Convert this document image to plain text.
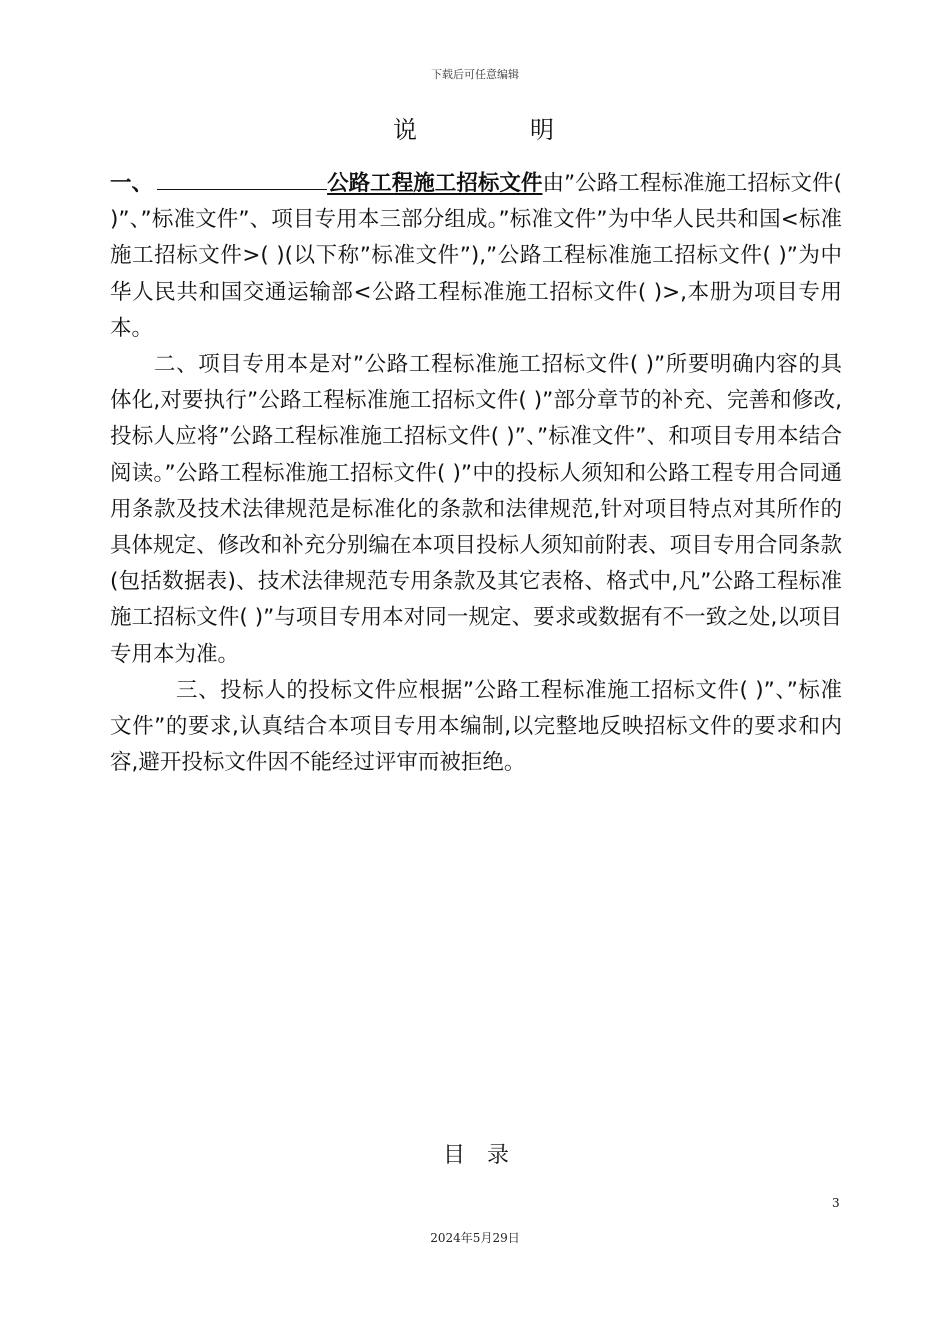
下载后可任意编辑
说	明

一、	公路工程施工招标文件由”公路工程标准施工招标文件( )”、”标准文件”、项目专用本三部分组成。”标准文件”为中华人民共和国<标准施工招标文件>( )(以下称”标准文件”),”公路工程标准施工招标文件( )”为中华人民共和国交通运输部<公路工程标准施工招标文件( )>,本册为项目专用本。

二、项目专用本是对”公路工程标准施工招标文件( )”所要明确内容的具体化,对要执行”公路工程标准施工招标文件( )”部分章节的补充、完善和修改,投标人应将”公路工程标准施工招标文件( )”、”标准文件”、和项目专用本结合阅读。”公路工程标准施工招标文件( )”中的投标人须知和公路工程专用合同通用条款及技术法律规范是标准化的条款和法律规范,针对项目特点对其所作的具体规定、修改和补充分别编在本项目投标人须知前附表、项目专用合同条款(包括数据表)、技术法律规范专用条款及其它表格、格式中,凡”公路工程标准施工招标文件( )”与项目专用本对同一规定、要求或数据有不一致之处,以项目专用本为准。

三、投标人的投标文件应根据”公路工程标准施工招标文件( )”、”标准文件”的要求,认真结合本项目专用本编制,以完整地反映招标文件的要求和内容,避开投标文件因不能经过评审而被拒绝。

目 录
3
2024年5月29日
